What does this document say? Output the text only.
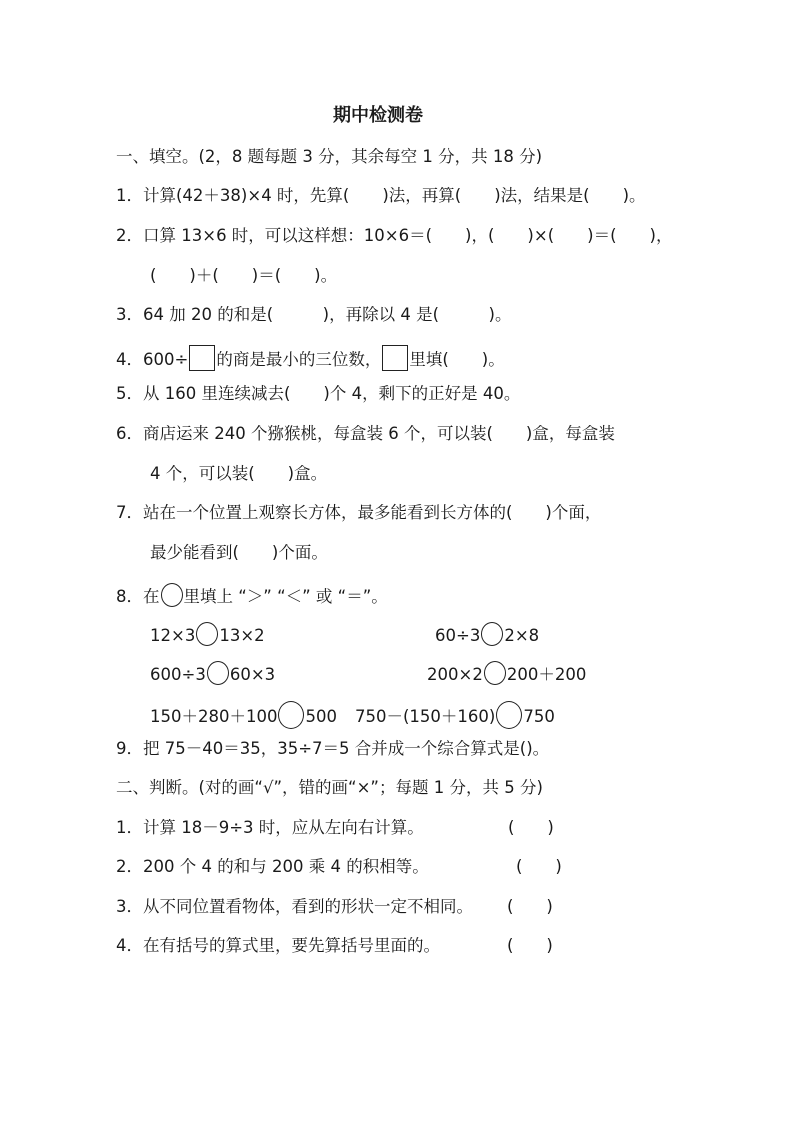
期中检测卷
一、填空。(2，8 题每题 3 分，其余每空 1 分，共 18 分)
1．计算(42＋38)×4 时，先算(　　)法，再算(　　)法，结果是(　　)。
2．口算 13×6 时，可以这样想：10×6＝(　　)，(　　)×(　　)＝(　　)，
(　　)＋(　　)＝(　　)。
3．64 加 20 的和是(　　　)，再除以 4 是(　　　)。
4．600÷ 的商是最小的三位数， 里填(　　)。
5．从 160 里连续减去(　　)个 4，剩下的正好是 40。
6．商店运来 240 个猕猴桃，每盒装 6 个，可以装(　　)盒，每盒装
4 个，可以装(　　)盒。
7．站在一个位置上观察长方体，最多能看到长方体的(　　)个面，
最少能看到(　　)个面。
8．在 里填上 “＞” “＜” 或 “＝”。
12×3 13×2	60÷3 2×8
600÷3 60×3	200×2 200＋200
150＋280＋100 500 750－(150＋160) 750
9．把 75－40＝35，35÷7＝5 合并成一个综合算式是()。
二、判断。(对的画“√”，错的画“×”；每题 1 分，共 5 分)
1．计算 18－9÷3 时，应从左向右计算。	(　　)
2．200 个 4 的和与 200 乘 4 的积相等。	(　　)
3．从不同位置看物体，看到的形状一定不相同。 (　　)
4．在有括号的算式里，要先算括号里面的。	(　　)
